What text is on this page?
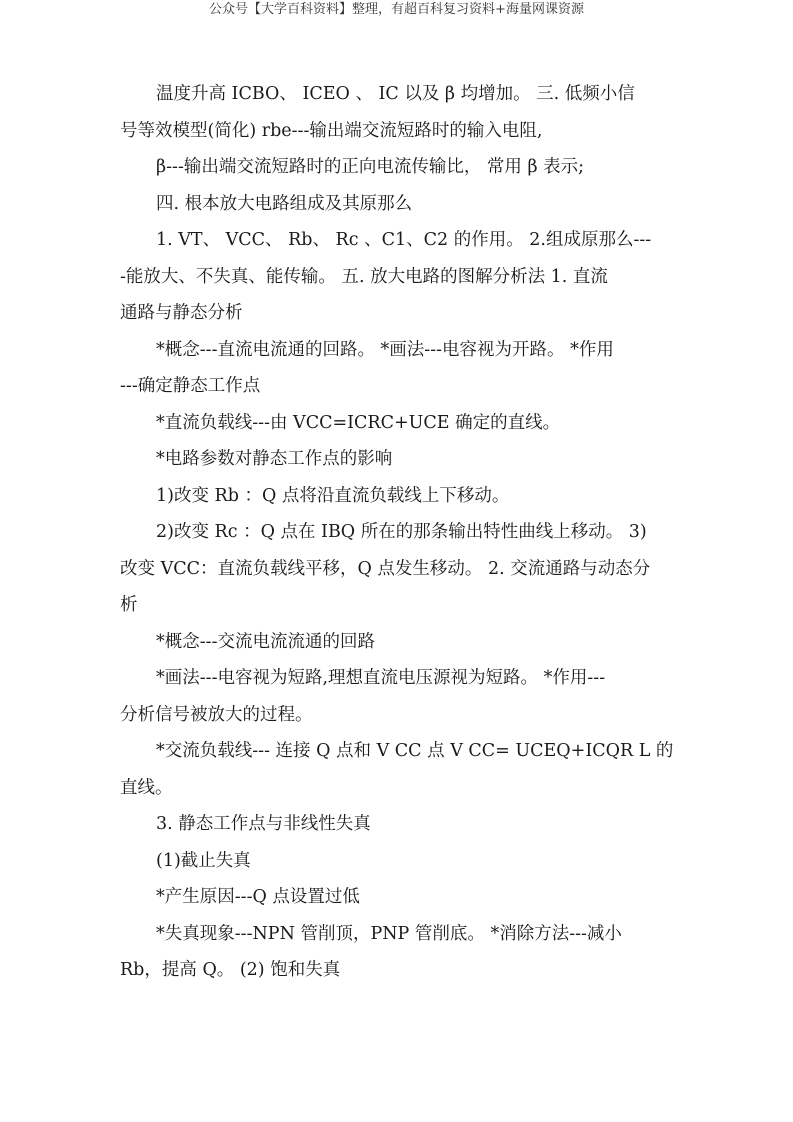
公众号【大学百科资料】整理，有超百科复习资料+海量网课资源
温度升高 ICBO、 ICEO 、 IC 以及 β 均增加。 三. 低频小信
号等效模型(简化) rbe---输出端交流短路时的输入电阻,
β---输出端交流短路时的正向电流传输比， 常用 β 表示;
四. 根本放大电路组成及其原那么
1. VT、 VCC、 Rb、 Rc 、C1、C2 的作用。 2.组成原那么---
-能放大、不失真、能传输。 五. 放大电路的图解分析法 1. 直流
通路与静态分析
*概念---直流电流通的回路。 *画法---电容视为开路。 *作用
---确定静态工作点
*直流负载线---由 VCC=ICRC+UCE 确定的直线。
*电路参数对静态工作点的影响
1)改变 Rb ：Q 点将沿直流负载线上下移动。
2)改变 Rc ：Q 点在 IBQ 所在的那条输出特性曲线上移动。 3)
改变 VCC：直流负载线平移，Q 点发生移动。 2. 交流通路与动态分
析
*概念---交流电流流通的回路
*画法---电容视为短路,理想直流电压源视为短路。 *作用---
分析信号被放大的过程。
*交流负载线--- 连接 Q 点和 V CC 点 V CC= UCEQ+ICQR L 的
直线。
3. 静态工作点与非线性失真
(1)截止失真
*产生原因---Q 点设置过低
*失真现象---NPN 管削顶，PNP 管削底。 *消除方法---减小
Rb，提高 Q。 (2) 饱和失真
